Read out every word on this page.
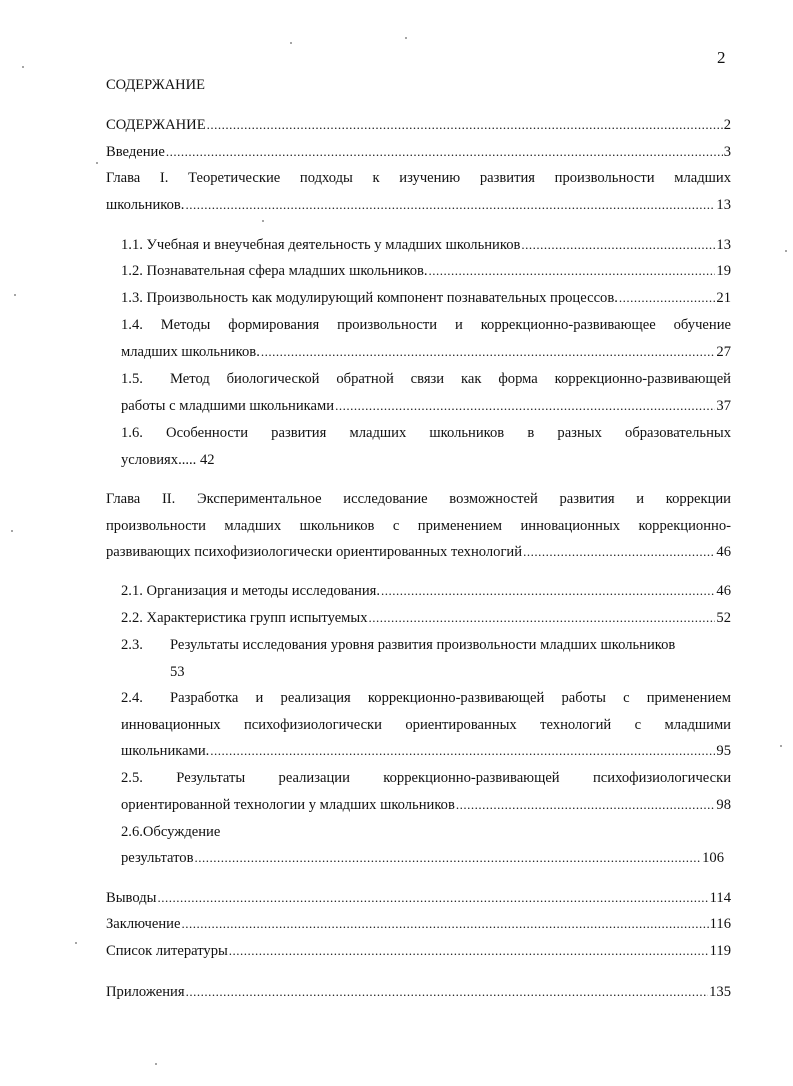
2
СОДЕРЖАНИЕ
СОДЕРЖАНИЕ .....	2
Введение .....	3
Глава I. Теоретические подходы к изучению развития произвольности младших
школьников. .....	13
1.1. Учебная и внеучебная деятельность у младших школьников .....	13
1.2. Познавательная сфера младших школьников. .....	19
1.3. Произвольность как модулирующий компонент познавательных процессов. .....	21
1.4. Методы формирования произвольности и коррекционно-развивающее обучение
младших школьников. .....	27
1.5. Метод биологической обратной связи как форма коррекционно-развивающей
работы с младшими школьниками .....	37
1.6. Особенности развития младших школьников в разных образовательных
условиях..... 42
Глава II. Экспериментальное исследование возможностей развития и коррекции
произвольности младших школьников с применением инновационных коррекционно-
развивающих психофизиологически ориентированных технологий .....	46
2.1. Организация и методы исследования. .....	46
2.2. Характеристика групп испытуемых .....	52
2.3. Результаты исследования уровня развития произвольности младших школьников
53
2.4. Разработка и реализация коррекционно-развивающей работы с применением
инновационных психофизиологически ориентированных технологий с младшими
школьниками. .....	95
2.5. Результаты реализации коррекционно-развивающей психофизиологически
ориентированной технологии у младших школьников .....	98
2.6.Обсуждение
результатов .....	106
Выводы .....	114
Заключение .....	116
Список литературы .....	119
Приложения .....	135
